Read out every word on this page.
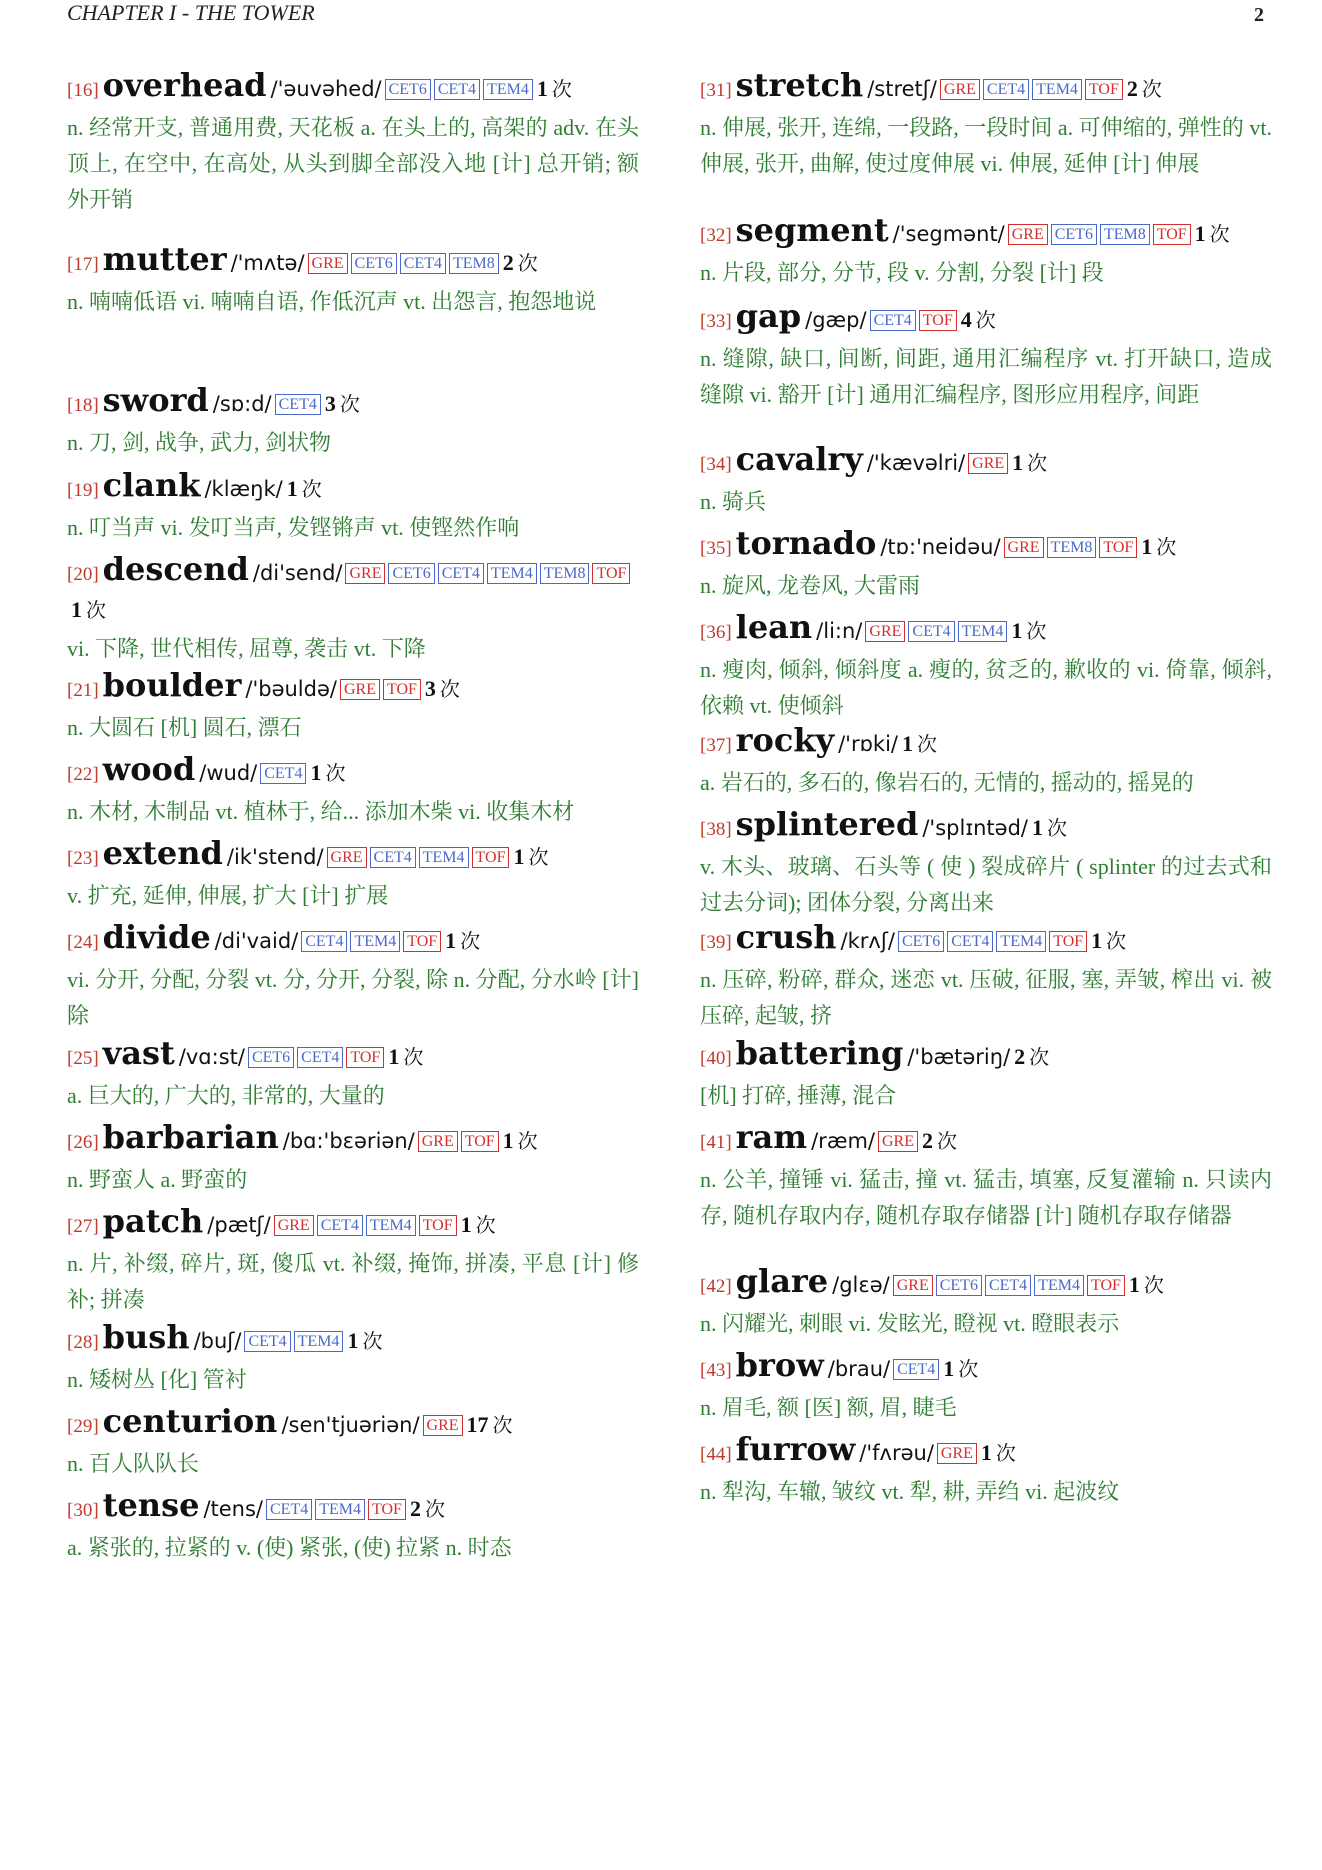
CHAPTER I - THE TOWER	2
[16] overhead /'əuvəhed/ CET6 CET4 TEM4 1 次
n. 经常开支, 普通用费, 天花板 a. 在头上的, 高架的 adv. 在头顶上, 在空中, 在高处, 从头到脚全部没入地 [计] 总开销; 额外开销
[17] mutter /'mʌtə/ GRE CET6 CET4 TEM8 2 次
n. 喃喃低语 vi. 喃喃自语, 作低沉声 vt. 出怨言, 抱怨地说
[18] sword /sɒ:d/ CET4 3 次
n. 刀, 剑, 战争, 武力, 剑状物
[19] clank /klæŋk/ 1 次
n. 叮当声 vi. 发叮当声, 发铿锵声 vt. 使铿然作响
[20] descend /di'send/ GRE CET6 CET4 TEM4 TEM8 TOF1 次
vi. 下降, 世代相传, 屈尊, 袭击 vt. 下降
[21] boulder /'bəuldə/ GRE TOF 3 次
n. 大圆石 [机] 圆石, 漂石
[22] wood /wud/ CET4 1 次
n. 木材, 木制品 vt. 植林于, 给... 添加木柴 vi. 收集木材
[23] extend /ik'stend/ GRE CET4 TEM4 TOF 1 次
v. 扩充, 延伸, 伸展, 扩大 [计] 扩展
[24] divide /di'vaid/ CET4 TEM4 TOF 1 次
vi. 分开, 分配, 分裂 vt. 分, 分开, 分裂, 除 n. 分配, 分水岭 [计] 除
[25] vast /vɑ:st/ CET6 CET4 TOF 1 次
a. 巨大的, 广大的, 非常的, 大量的
[26] barbarian /bɑ:'bɛəriən/ GRE TOF 1 次
n. 野蛮人 a. 野蛮的
[27] patch /pætʃ/ GRE CET4 TEM4 TOF 1 次
n. 片, 补缀, 碎片, 斑, 傻瓜 vt. 补缀, 掩饰, 拼凑, 平息 [计] 修补; 拼凑
[28] bush /buʃ/ CET4 TEM4 1 次
n. 矮树丛 [化] 管衬
[29] centurion /sen'tjuəriən/ GRE 17 次
n. 百人队队长
[30] tense /tens/ CET4 TEM4 TOF 2 次
a. 紧张的, 拉紧的 v. (使) 紧张, (使) 拉紧 n. 时态
[31] stretch /stretʃ/ GRE CET4 TEM4 TOF 2 次
n. 伸展, 张开, 连绵, 一段路, 一段时间 a. 可伸缩的, 弹性的 vt. 伸展, 张开, 曲解, 使过度伸展 vi. 伸展, 延伸 [计] 伸展
[32] segment /'segmənt/ GRE CET6 TEM8 TOF 1 次
n. 片段, 部分, 分节, 段 v. 分割, 分裂 [计] 段
[33] gap /gæp/ CET4 TOF 4 次
n. 缝隙, 缺口, 间断, 间距, 通用汇编程序 vt. 打开缺口, 造成缝隙 vi. 豁开 [计] 通用汇编程序, 图形应用程序, 间距
[34] cavalry /'kævəlri/ GRE 1 次
n. 骑兵
[35] tornado /tɒ:'neidəu/ GRE TEM8 TOF 1 次
n. 旋风, 龙卷风, 大雷雨
[36] lean /li:n/ GRE CET4 TEM4 1 次
n. 瘦肉, 倾斜, 倾斜度 a. 瘦的, 贫乏的, 歉收的 vi. 倚靠, 倾斜, 依赖 vt. 使倾斜
[37] rocky /'rɒki/ 1 次
a. 岩石的, 多石的, 像岩石的, 无情的, 摇动的, 摇晃的
[38] splintered /'splɪntəd/ 1 次
v. 木头、玻璃、石头等 ( 使 ) 裂成碎片 ( splinter 的过去式和过去分词); 团体分裂, 分离出来
[39] crush /krʌʃ/ CET6 CET4 TEM4 TOF 1 次
n. 压碎, 粉碎, 群众, 迷恋 vt. 压破, 征服, 塞, 弄皱, 榨出 vi. 被压碎, 起皱, 挤
[40] battering /'bætəriŋ/ 2 次
[机] 打碎, 捶薄, 混合
[41] ram /ræm/ GRE 2 次
n. 公羊, 撞锤 vi. 猛击, 撞 vt. 猛击, 填塞, 反复灌输 n. 只读内存, 随机存取内存, 随机存取存储器 [计] 随机存取存储器
[42] glare /glɛə/ GRE CET6 CET4 TEM4 TOF 1 次
n. 闪耀光, 刺眼 vi. 发眩光, 瞪视 vt. 瞪眼表示
[43] brow /brau/ CET4 1 次
n. 眉毛, 额 [医] 额, 眉, 睫毛
[44] furrow /'fʌrəu/ GRE 1 次
n. 犁沟, 车辙, 皱纹 vt. 犁, 耕, 弄绉 vi. 起波纹
